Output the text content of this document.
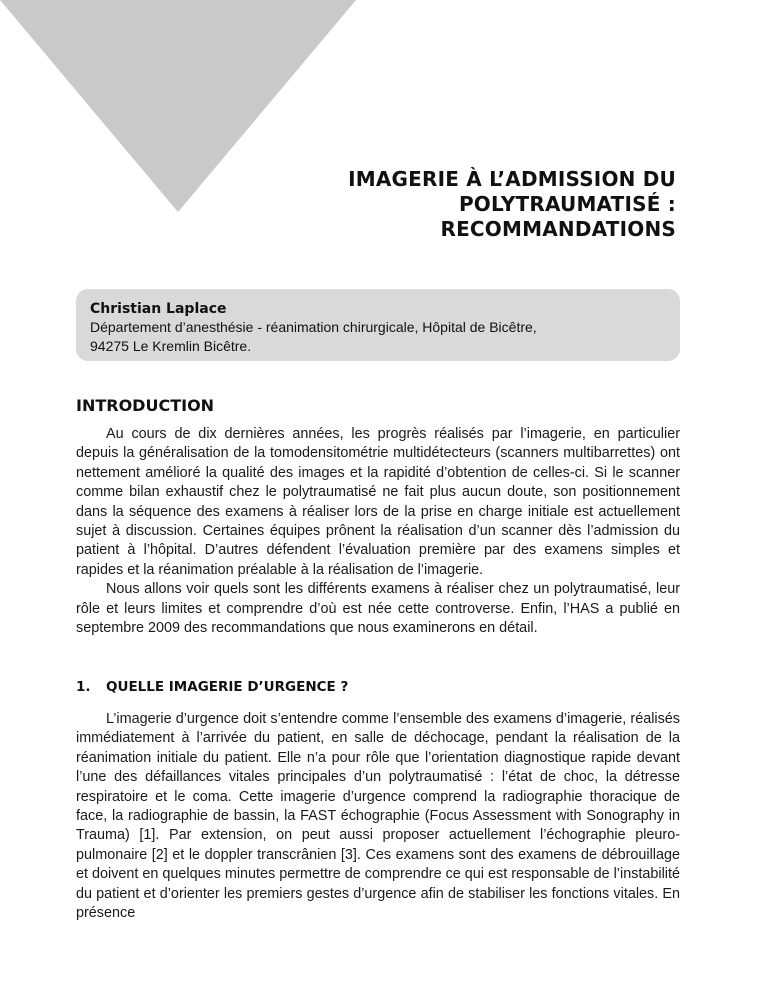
IMAGERIE À L’ADMISSION DU

POLYTRAUMATISÉ :

RECOMMANDATIONS

Christian Laplace
Département d’anesthésie - réanimation chirurgicale, Hôpital de Bicêtre,
94275 Le Kremlin Bicêtre.
INTRODUCTION

Au cours de dix dernières années, les progrès réalisés par l’imagerie, en particulier depuis la généralisation de la tomodensitométrie multidétecteurs (scanners multibarrettes) ont nettement amélioré la qualité des images et la rapidité d’obtention de celles-ci. Si le scanner comme bilan exhaustif chez le polytraumatisé ne fait plus aucun doute, son positionnement dans la séquence des examens à réaliser lors de la prise en charge initiale est actuellement sujet à discussion. Certaines équipes prônent la réalisation d’un scanner dès l’admission du patient à l’hôpital. D’autres défendent l’évaluation première par des examens simples et rapides et la réanimation préalable à la réalisation de l’imagerie.

Nous allons voir quels sont les différents examens à réaliser chez un polytraumatisé, leur rôle et leurs limites et comprendre d’où est née cette controverse. Enfin, l’HAS a publié en septembre 2009 des recommandations que nous examinerons en détail.

1. QUELLE IMAGERIE D’URGENCE ?

L’imagerie d’urgence doit s’entendre comme l’ensemble des examens d’imagerie, réalisés immédiatement à l’arrivée du patient, en salle de déchocage, pendant la réalisation de la réanimation initiale du patient. Elle n’a pour rôle que l’orientation diagnostique rapide devant l’une des défaillances vitales principales d’un polytraumatisé : l’état de choc, la détresse respiratoire et le coma. Cette imagerie d’urgence comprend la radiographie thoracique de face, la radiographie de bassin, la FAST échographie (Focus Assessment with Sonography in Trauma) [1]. Par extension, on peut aussi proposer actuellement l’échographie pleuro-pulmonaire [2] et le doppler transcrânien [3]. Ces examens sont des examens de débrouillage et doivent en quelques minutes permettre de comprendre ce qui est responsable de l’instabilité du patient et d’orienter les premiers gestes d’urgence afin de stabiliser les fonctions vitales. En présence
